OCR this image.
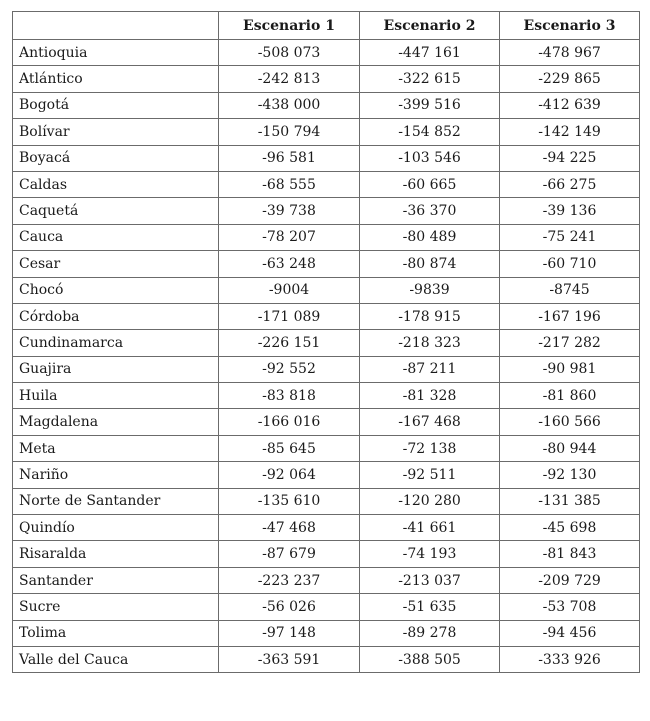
	Escenario 1	Escenario 2	Escenario 3
Antioquia	-508 073	-447 161	-478 967
Atlántico	-242 813	-322 615	-229 865
Bogotá	-438 000	-399 516	-412 639
Bolívar	-150 794	-154 852	-142 149
Boyacá	-96 581	-103 546	-94 225
Caldas	-68 555	-60 665	-66 275
Caquetá	-39 738	-36 370	-39 136
Cauca	-78 207	-80 489	-75 241
Cesar	-63 248	-80 874	-60 710
Chocó	-9004	-9839	-8745
Córdoba	-171 089	-178 915	-167 196
Cundinamarca	-226 151	-218 323	-217 282
Guajira	-92 552	-87 211	-90 981
Huila	-83 818	-81 328	-81 860
Magdalena	-166 016	-167 468	-160 566
Meta	-85 645	-72 138	-80 944
Nariño	-92 064	-92 511	-92 130
Norte de Santander	-135 610	-120 280	-131 385
Quindío	-47 468	-41 661	-45 698
Risaralda	-87 679	-74 193	-81 843
Santander	-223 237	-213 037	-209 729
Sucre	-56 026	-51 635	-53 708
Tolima	-97 148	-89 278	-94 456
Valle del Cauca	-363 591	-388 505	-333 926
